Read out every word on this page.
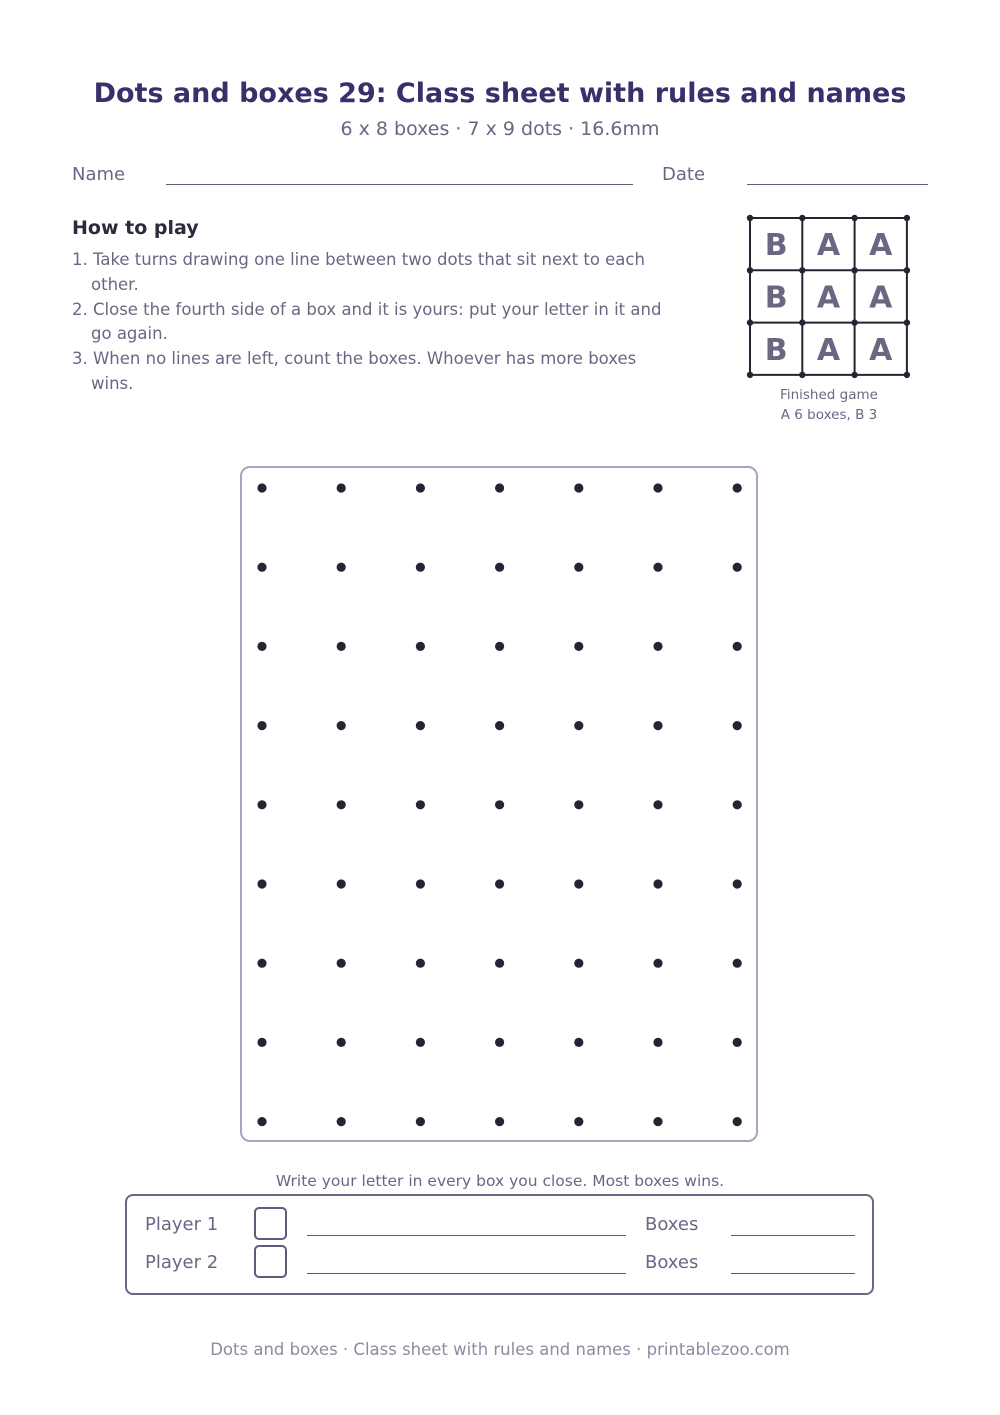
Dots and boxes 29: Class sheet with rules and names
6 x 8 boxes · 7 x 9 dots · 16.6mm
Name	Date
How to play
1. Take turns drawing one line between two dots that sit next to each other.
2. Close the fourth side of a box and it is yours: put your letter in it and go again.
3. When no lines are left, count the boxes. Whoever has more boxes wins.
B A A
B A A
B A A
Finished game
A 6 boxes, B 3
Write your letter in every box you close. Most boxes wins.
Player 1	Boxes
Player 2	Boxes
Dots and boxes · Class sheet with rules and names · printablezoo.com
